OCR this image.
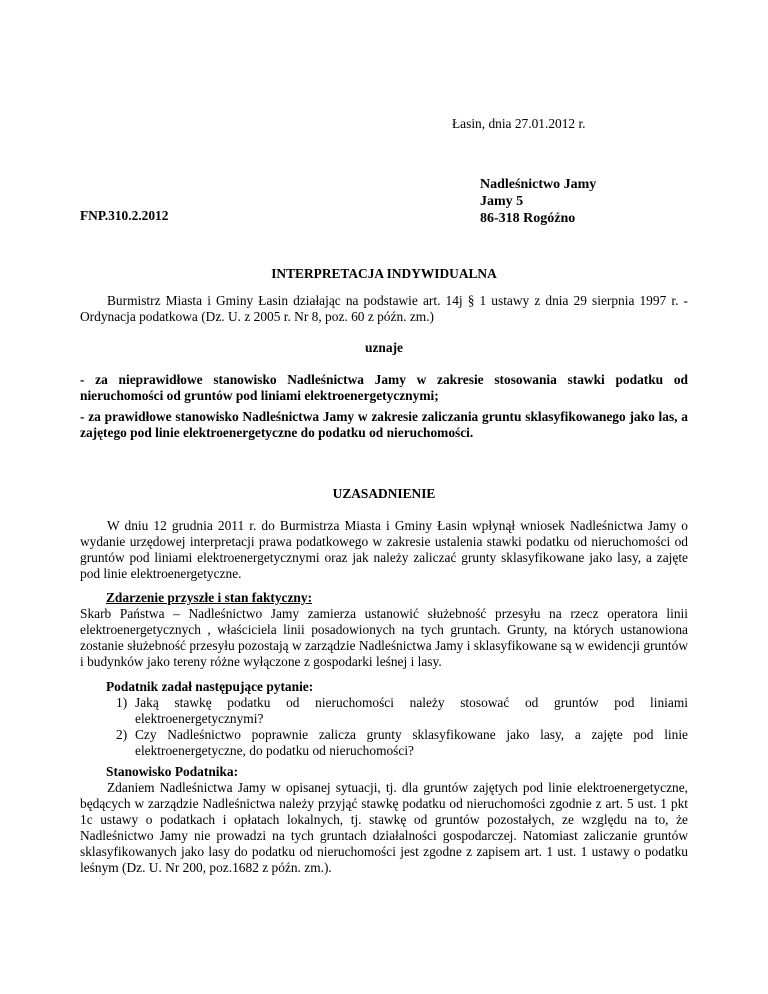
Łasin, dnia 27.01.2012 r.
Nadleśnictwo Jamy
Jamy 5
86-318 Rogóźno
FNP.310.2.2012
INTERPRETACJA INDYWIDUALNA
Burmistrz Miasta i Gminy Łasin działając na podstawie art. 14j § 1 ustawy z dnia 29 sierpnia 1997 r. - Ordynacja podatkowa (Dz. U. z 2005 r. Nr 8, poz. 60 z późn. zm.)
uznaje
- za nieprawidłowe stanowisko Nadleśnictwa Jamy w zakresie stosowania stawki podatku od nieruchomości od gruntów pod liniami elektroenergetycznymi;
- za prawidłowe stanowisko Nadleśnictwa Jamy w zakresie zaliczania gruntu sklasyfikowanego jako las, a zajętego pod linie elektroenergetyczne do podatku od nieruchomości.
UZASADNIENIE
W dniu 12 grudnia 2011 r. do Burmistrza Miasta i Gminy Łasin wpłynął wniosek Nadleśnictwa Jamy o wydanie urzędowej interpretacji prawa podatkowego w zakresie ustalenia stawki podatku od nieruchomości od gruntów pod liniami elektroenergetycznymi oraz jak należy zaliczać grunty sklasyfikowane jako lasy, a zajęte pod linie elektroenergetyczne.
Zdarzenie przyszłe i stan faktyczny:
Skarb Państwa – Nadleśnictwo Jamy zamierza ustanowić służebność przesyłu na rzecz operatora linii elektroenergetycznych , właściciela linii posadowionych na tych gruntach. Grunty, na których ustanowiona zostanie służebność przesyłu pozostają w zarządzie Nadleśnictwa Jamy i sklasyfikowane są w ewidencji gruntów i budynków jako tereny różne wyłączone z gospodarki leśnej i lasy.
Podatnik zadał następujące pytanie:
1) Jaką stawkę podatku od nieruchomości należy stosować od gruntów pod liniami elektroenergetycznymi?
2) Czy Nadleśnictwo poprawnie zalicza grunty sklasyfikowane jako lasy, a zajęte pod linie elektroenergetyczne, do podatku od nieruchomości?
Stanowisko Podatnika:
Zdaniem Nadleśnictwa Jamy w opisanej sytuacji, tj. dla gruntów zajętych pod linie elektroenergetyczne, będących w zarządzie Nadleśnictwa należy przyjąć stawkę podatku od nieruchomości zgodnie z art. 5 ust. 1 pkt 1c ustawy o podatkach i opłatach lokalnych, tj. stawkę od gruntów pozostałych, ze względu na to, że Nadleśnictwo Jamy nie prowadzi na tych gruntach działalności gospodarczej. Natomiast zaliczanie gruntów sklasyfikowanych jako lasy do podatku od nieruchomości jest zgodne z zapisem art. 1 ust. 1 ustawy o podatku leśnym (Dz. U. Nr 200, poz.1682 z późn. zm.).
